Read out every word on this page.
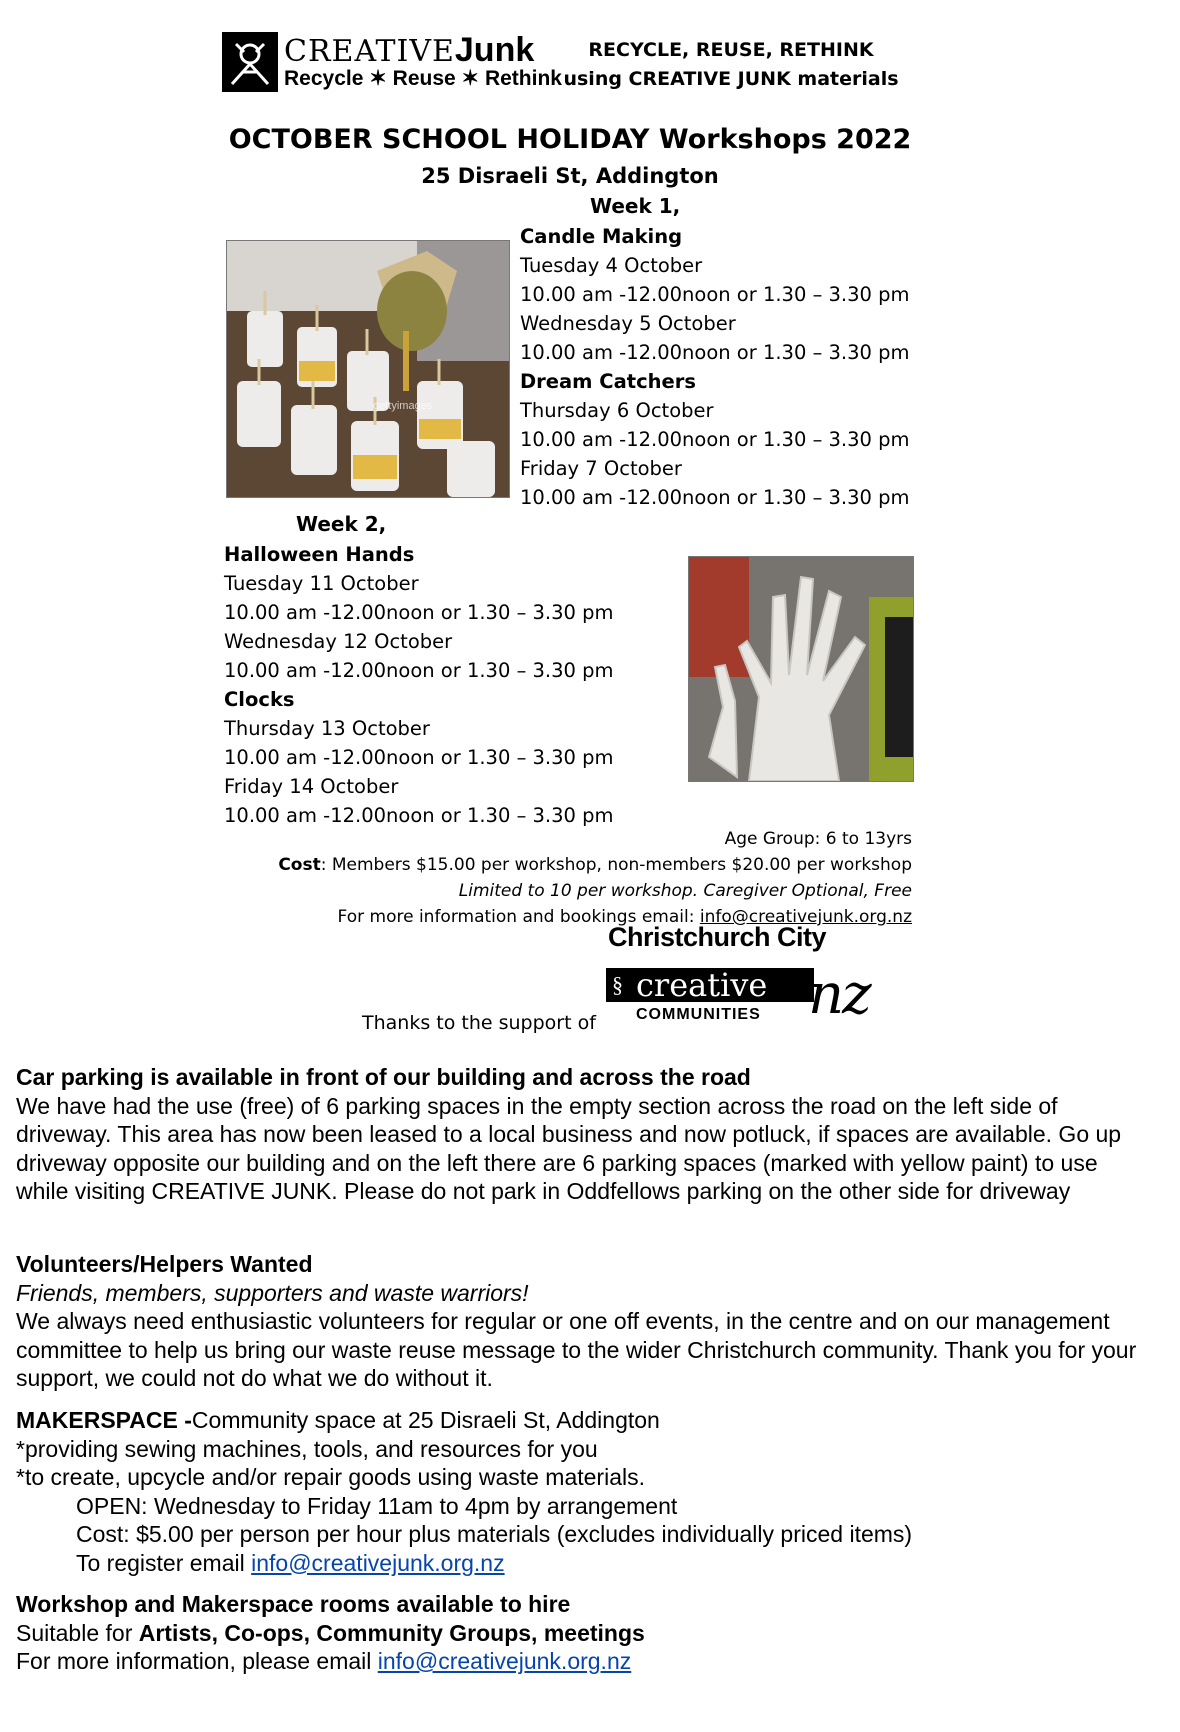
CREATIVEJunk
Recycle ✶ Reuse ✶ Rethink
RECYCLE, REUSE, RETHINK
using CREATIVE JUNK materials
OCTOBER SCHOOL HOLIDAY Workshops 2022
25 Disraeli St, Addington
Week 1,
gettyimages
Candle Making
Tuesday 4 October
10.00 am -12.00noon or 1.30 – 3.30 pm
Wednesday 5 October
10.00 am -12.00noon or 1.30 – 3.30 pm
Dream Catchers
Thursday 6 October
10.00 am -12.00noon or 1.30 – 3.30 pm
Friday 7 October
10.00 am -12.00noon or 1.30 – 3.30 pm
Week 2,
Halloween Hands
Tuesday 11 October
10.00 am -12.00noon or 1.30 – 3.30 pm
Wednesday 12 October
10.00 am -12.00noon or 1.30 – 3.30 pm
Clocks
Thursday 13 October
10.00 am -12.00noon or 1.30 – 3.30 pm
Friday 14 October
10.00 am -12.00noon or 1.30 – 3.30 pm
Age Group: 6 to 13yrs
Cost: Members $15.00 per workshop, non-members $20.00 per workshop
Limited to 10 per workshop. Caregiver Optional, Free
For more information and bookings email: info@creativejunk.org.nz
Christchurch City
creative
§
COMMUNITIES nz
Thanks to the support of
Car parking is available in front of our building and across the road

We have had the use (free) of 6 parking spaces in the empty section across the road on the left side of driveway. This area has now been leased to a local business and now potluck, if spaces are available. Go up driveway opposite our building and on the left there are 6 parking spaces (marked with yellow paint) to use while visiting CREATIVE JUNK. Please do not park in Oddfellows parking on the other side for driveway

Volunteers/Helpers Wanted

Friends, members, supporters and waste warriors!

We always need enthusiastic volunteers for regular or one off events, in the centre and on our management committee to help us bring our waste reuse message to the wider Christchurch community. Thank you for your support, we could not do what we do without it.

MAKERSPACE -Community space at 25 Disraeli St, Addington

*providing sewing machines, tools, and resources for you

*to create, upcycle and/or repair goods using waste materials.

OPEN: Wednesday to Friday 11am to 4pm by arrangement

Cost: $5.00 per person per hour plus materials (excludes individually priced items)

To register email info@creativejunk.org.nz

Workshop and Makerspace rooms available to hire

Suitable for Artists, Co-ops, Community Groups, meetings

For more information, please email info@creativejunk.org.nz
